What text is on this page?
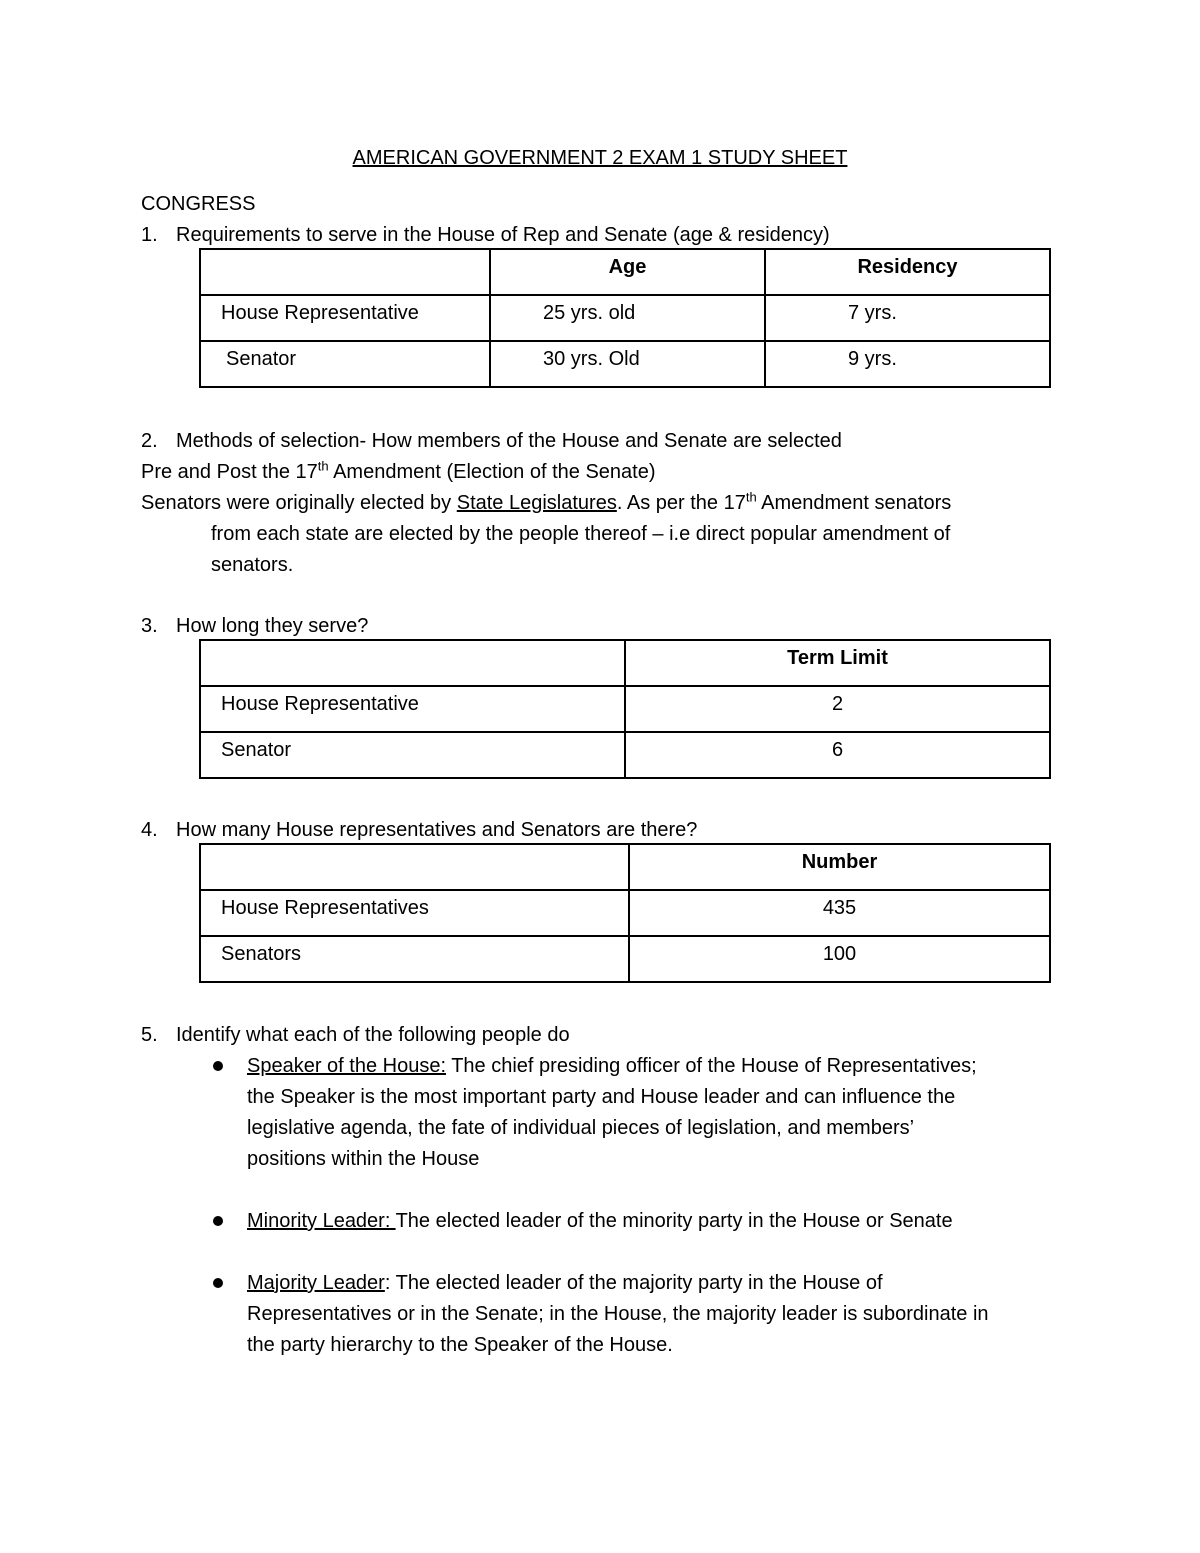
AMERICAN GOVERNMENT 2 EXAM 1 STUDY SHEET
CONGRESS
1. Requirements to serve in the House of Rep and Senate (age & residency)
	Age	Residency
House Representative	25 yrs. old	7 yrs.
Senator	30 yrs. Old	9 yrs.
2. Methods of selection- How members of the House and Senate are selected
Pre and Post the 17th Amendment (Election of the Senate)
Senators were originally elected by State Legislatures. As per the 17th Amendment senators
from each state are elected by the people thereof – i.e direct popular amendment of
senators.
3. How long they serve?
	Term Limit
House Representative	2
Senator	6
4. How many House representatives and Senators are there?
	Number
House Representatives	435
Senators	100
5. Identify what each of the following people do
Speaker of the House: The chief presiding officer of the House of Representatives;
the Speaker is the most important party and House leader and can influence the
legislative agenda, the fate of individual pieces of legislation, and members’
positions within the House
Minority Leader: The elected leader of the minority party in the House or Senate
Majority Leader: The elected leader of the majority party in the House of
Representatives or in the Senate; in the House, the majority leader is subordinate in
the party hierarchy to the Speaker of the House.
